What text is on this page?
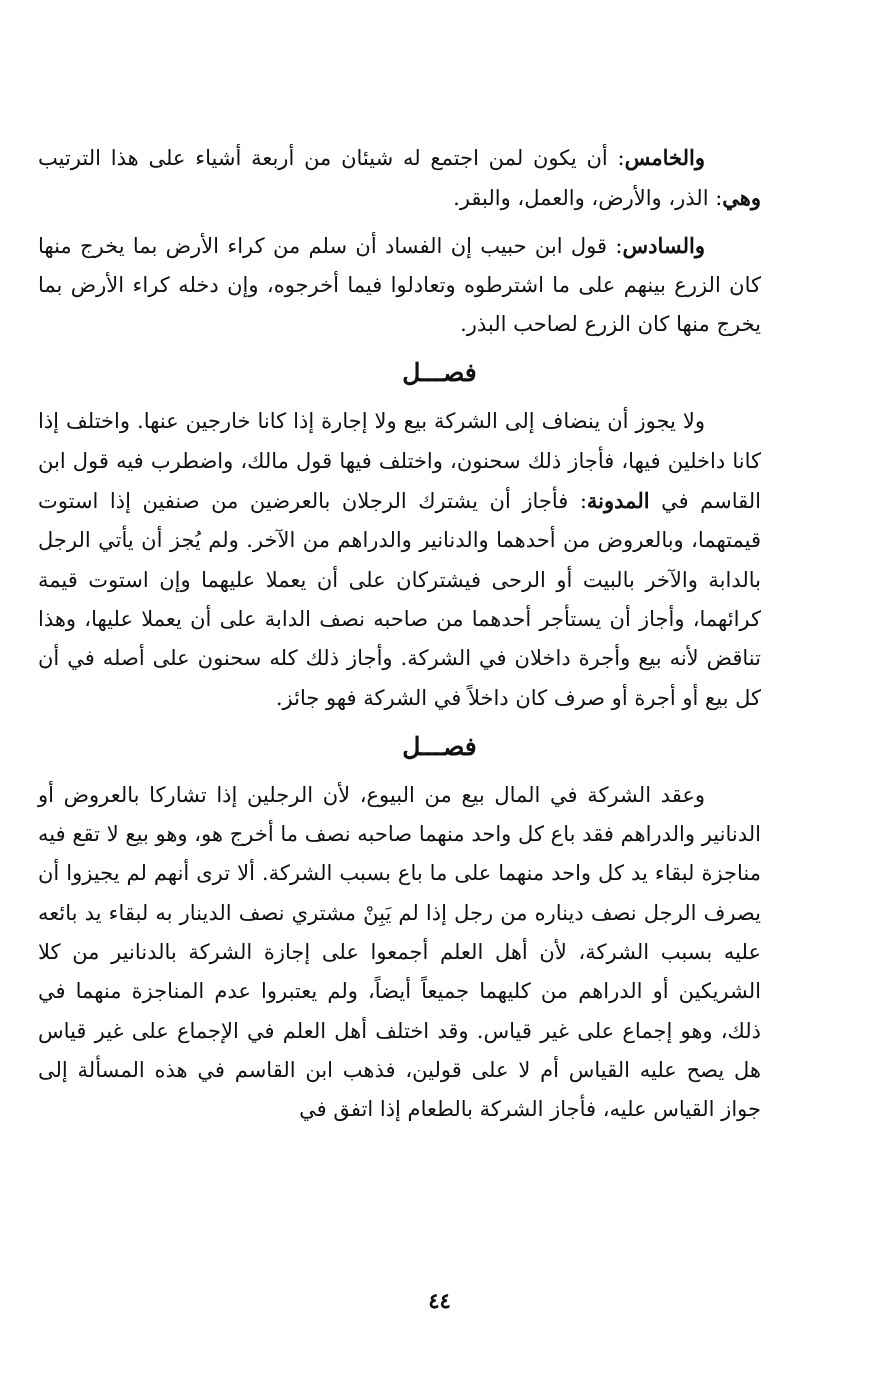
والخامس: أن يكون لمن اجتمع له شيئان من أربعة أشياء على هذا الترتيب وهي: الذر، والأرض، والعمل، والبقر.

والسادس: قول ابن حبيب إن الفساد أن سلم من كراء الأرض بما يخرج منها كان الزرع بينهم على ما اشترطوه وتعادلوا فيما أخرجوه، وإن دخله كراء الأرض بما يخرج منها كان الزرع لصاحب البذر.

فصـــل

ولا يجوز أن ينضاف إلى الشركة بيع ولا إجارة إذا كانا خارجين عنها. واختلف إذا كانا داخلين فيها، فأجاز ذلك سحنون، واختلف فيها قول مالك، واضطرب فيه قول ابن القاسم في المدونة: فأجاز أن يشترك الرجلان بالعرضين من صنفين إذا استوت قيمتهما، وبالعروض من أحدهما والدنانير والدراهم من الآخر. ولم يُجز أن يأتي الرجل بالدابة والآخر بالبيت أو الرحى فيشتركان على أن يعملا عليهما وإن استوت قيمة كرائهما، وأجاز أن يستأجر أحدهما من صاحبه نصف الدابة على أن يعملا عليها، وهذا تناقض لأنه بيع وأجرة داخلان في الشركة. وأجاز ذلك كله سحنون على أصله في أن كل بيع أو أجرة أو صرف كان داخلاً في الشركة فهو جائز.

فصـــل

وعقد الشركة في المال بيع من البيوع، لأن الرجلين إذا تشاركا بالعروض أو الدنانير والدراهم فقد باع كل واحد منهما صاحبه نصف ما أخرج هو، وهو بيع لا تقع فيه مناجزة لبقاء يد كل واحد منهما على ما باع بسبب الشركة. ألا ترى أنهم لم يجيزوا أن يصرف الرجل نصف ديناره من رجل إذا لم يَبِنْ مشتري نصف الدينار به لبقاء يد بائعه عليه بسبب الشركة، لأن أهل العلم أجمعوا على إجازة الشركة بالدنانير من كلا الشريكين أو الدراهم من كليهما جميعاً أيضاً، ولم يعتبروا عدم المناجزة منهما في ذلك، وهو إجماع على غير قياس. وقد اختلف أهل العلم في الإجماع على غير قياس هل يصح عليه القياس أم لا على قولين، فذهب ابن القاسم في هذه المسألة إلى جواز القياس عليه، فأجاز الشركة بالطعام إذا اتفق في

٤٤
